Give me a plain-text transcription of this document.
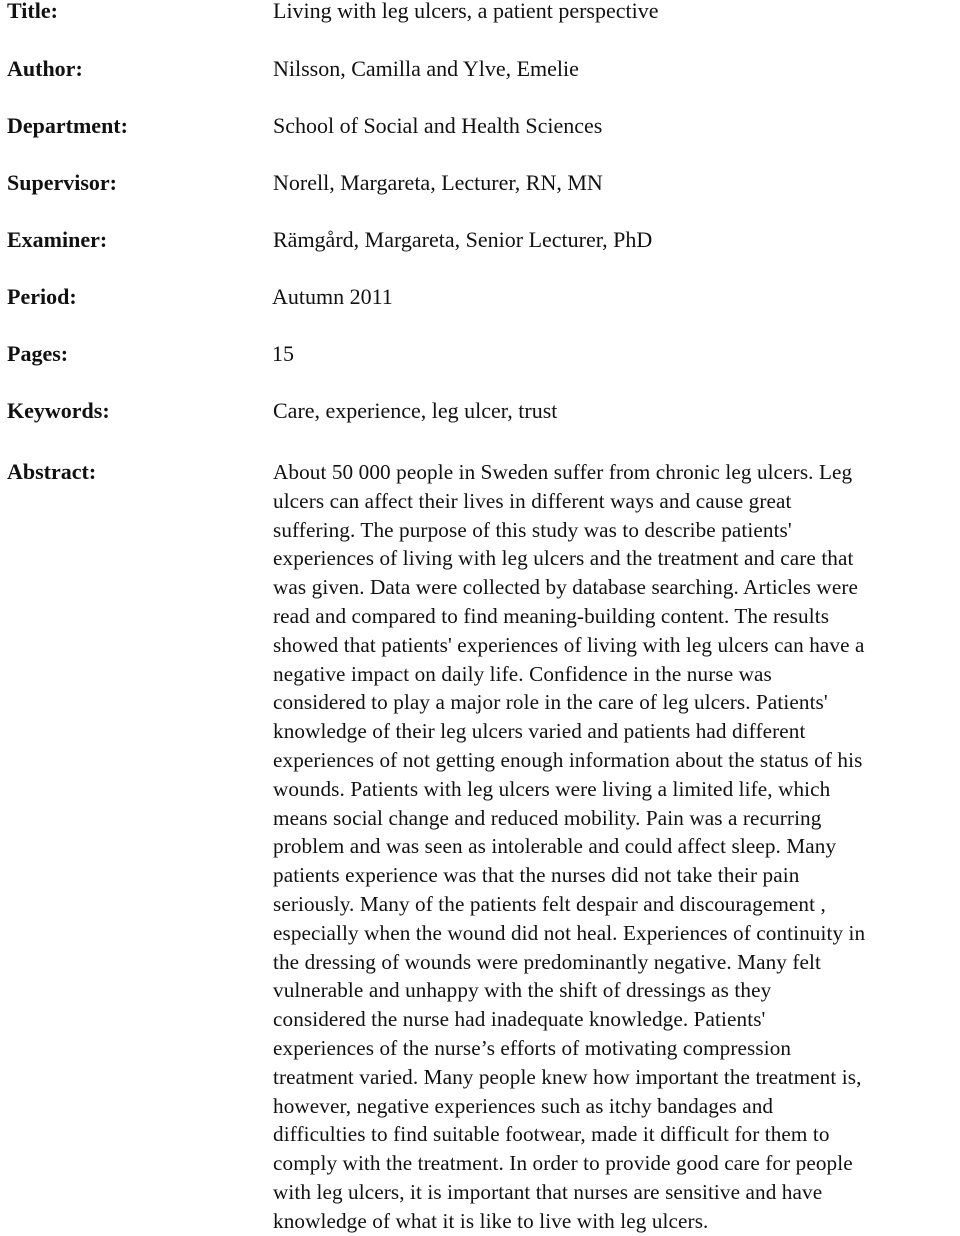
Title:	Living with leg ulcers, a patient perspective
Author:	Nilsson, Camilla and Ylve, Emelie
Department:	School of Social and Health Sciences
Supervisor:	Norell, Margareta, Lecturer, RN, MN
Examiner:	Rämgård, Margareta, Senior Lecturer, PhD
Period:	Autumn 2011
Pages:	15
Keywords:	Care, experience, leg ulcer, trust
Abstract:	About 50 000 people in Sweden suffer from chronic leg ulcers. Leg
ulcers can affect their lives in different ways and cause great
suffering. The purpose of this study was to describe patients'
experiences of living with leg ulcers and the treatment and care that
was given. Data were collected by database searching. Articles were
read and compared to find meaning-building content. The results
showed that patients' experiences of living with leg ulcers can have a
negative impact on daily life. Confidence in the nurse was
considered to play a major role in the care of leg ulcers. Patients'
knowledge of their leg ulcers varied and patients had different
experiences of not getting enough information about the status of his
wounds. Patients with leg ulcers were living a limited life, which
means social change and reduced mobility. Pain was a recurring
problem and was seen as intolerable and could affect sleep. Many
patients experience was that the nurses did not take their pain
seriously. Many of the patients felt despair and discouragement ,
especially when the wound did not heal. Experiences of continuity in
the dressing of wounds were predominantly negative. Many felt
vulnerable and unhappy with the shift of dressings as they
considered the nurse had inadequate knowledge. Patients'
experiences of the nurse’s efforts of motivating compression
treatment varied. Many people knew how important the treatment is,
however, negative experiences such as itchy bandages and
difficulties to find suitable footwear, made it difficult for them to
comply with the treatment. In order to provide good care for people
with leg ulcers, it is important that nurses are sensitive and have
knowledge of what it is like to live with leg ulcers.
